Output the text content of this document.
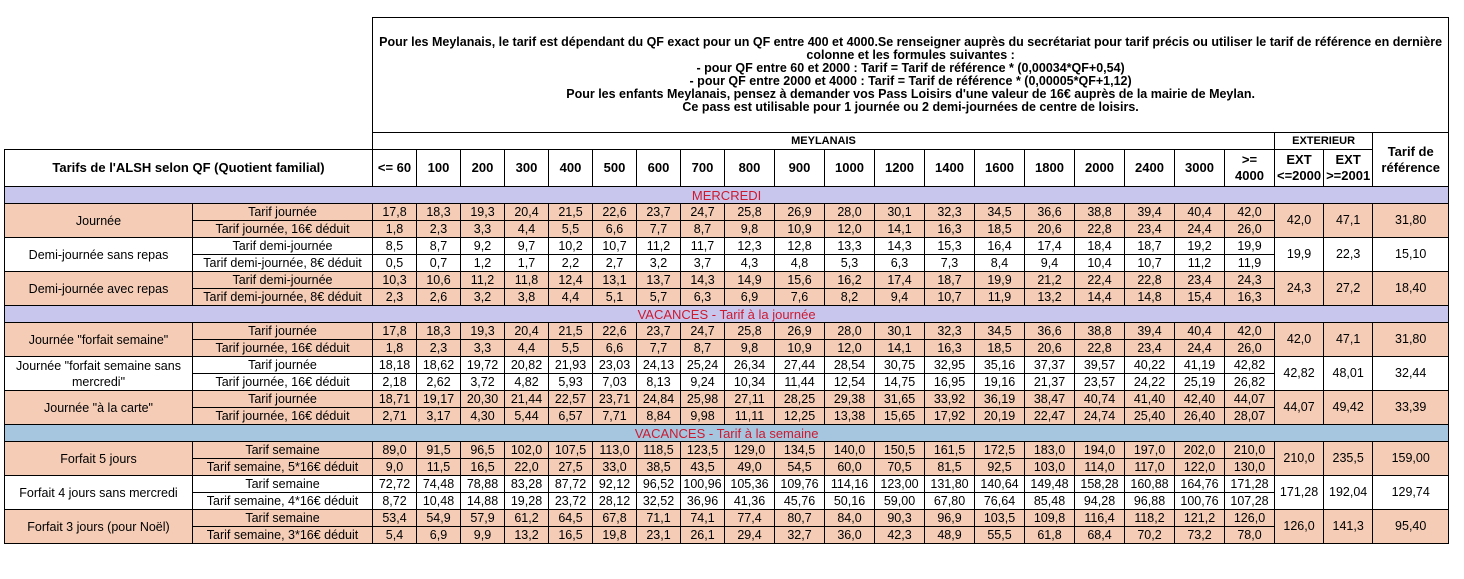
		Pour les Meylanais, le tarif est dépendant du QF exact pour un QF entre 400 et 4000.Se renseigner auprès du secrétariat pour tarif précis ou utiliser le tarif de référence en dernière colonne et les formules suivantes :
- pour QF entre 60 et 2000 : Tarif = Tarif de référence * (0,00034*QF+0,54)
- pour QF entre 2000 et 4000 : Tarif = Tarif de référence * (0,00005*QF+1,12)
Pour les enfants Meylanais, pensez à demander vos Pass Loisirs d'une valeur de 16€ auprès de la mairie de Meylan.
Ce pass est utilisable pour 1 journée ou 2 demi-journées de centre de loisirs.																					

		MEYLANAIS																			EXTERIEUR		Tarif de référence
Tarifs de l'ALSH selon QF (Quotient familial)		<= 60	100	200	300	400	500	600	700	800	900	1000	1200	1400	1600	1800	2000	2400	3000	>= 4000	EXT <=2000	EXT >=2001	
MERCREDI																							
Journée	Tarif journée	17,8	18,3	19,3	20,4	21,5	22,6	23,7	24,7	25,8	26,9	28,0	30,1	32,3	34,5	36,6	38,8	39,4	40,4	42,0	42,0	47,1	31,80
	Tarif journée, 16€ déduit	1,8	2,3	3,3	4,4	5,5	6,6	7,7	8,7	9,8	10,9	12,0	14,1	16,3	18,5	20,6	22,8	23,4	24,4	26,0			
Demi-journée sans repas	Tarif demi-journée	8,5	8,7	9,2	9,7	10,2	10,7	11,2	11,7	12,3	12,8	13,3	14,3	15,3	16,4	17,4	18,4	18,7	19,2	19,9	19,9	22,3	15,10
	Tarif demi-journée, 8€ déduit	0,5	0,7	1,2	1,7	2,2	2,7	3,2	3,7	4,3	4,8	5,3	6,3	7,3	8,4	9,4	10,4	10,7	11,2	11,9			
Demi-journée avec repas	Tarif demi-journée	10,3	10,6	11,2	11,8	12,4	13,1	13,7	14,3	14,9	15,6	16,2	17,4	18,7	19,9	21,2	22,4	22,8	23,4	24,3	24,3	27,2	18,40
	Tarif demi-journée, 8€ déduit	2,3	2,6	3,2	3,8	4,4	5,1	5,7	6,3	6,9	7,6	8,2	9,4	10,7	11,9	13,2	14,4	14,8	15,4	16,3			
VACANCES - Tarif à la journée																							
Journée "forfait semaine"	Tarif journée	17,8	18,3	19,3	20,4	21,5	22,6	23,7	24,7	25,8	26,9	28,0	30,1	32,3	34,5	36,6	38,8	39,4	40,4	42,0	42,0	47,1	31,80
	Tarif journée, 16€ déduit	1,8	2,3	3,3	4,4	5,5	6,6	7,7	8,7	9,8	10,9	12,0	14,1	16,3	18,5	20,6	22,8	23,4	24,4	26,0			
Journée "forfait semaine sans mercredi"	Tarif journée	18,18	18,62	19,72	20,82	21,93	23,03	24,13	25,24	26,34	27,44	28,54	30,75	32,95	35,16	37,37	39,57	40,22	41,19	42,82	42,82	48,01	32,44
	Tarif journée, 16€ déduit	2,18	2,62	3,72	4,82	5,93	7,03	8,13	9,24	10,34	11,44	12,54	14,75	16,95	19,16	21,37	23,57	24,22	25,19	26,82			
Journée "à la carte"	Tarif journée	18,71	19,17	20,30	21,44	22,57	23,71	24,84	25,98	27,11	28,25	29,38	31,65	33,92	36,19	38,47	40,74	41,40	42,40	44,07	44,07	49,42	33,39
	Tarif journée, 16€ déduit	2,71	3,17	4,30	5,44	6,57	7,71	8,84	9,98	11,11	12,25	13,38	15,65	17,92	20,19	22,47	24,74	25,40	26,40	28,07			
VACANCES - Tarif à la semaine																							
Forfait 5 jours	Tarif semaine	89,0	91,5	96,5	102,0	107,5	113,0	118,5	123,5	129,0	134,5	140,0	150,5	161,5	172,5	183,0	194,0	197,0	202,0	210,0	210,0	235,5	159,00
	Tarif semaine, 5*16€ déduit	9,0	11,5	16,5	22,0	27,5	33,0	38,5	43,5	49,0	54,5	60,0	70,5	81,5	92,5	103,0	114,0	117,0	122,0	130,0			
Forfait 4 jours sans mercredi	Tarif semaine	72,72	74,48	78,88	83,28	87,72	92,12	96,52	100,96	105,36	109,76	114,16	123,00	131,80	140,64	149,48	158,28	160,88	164,76	171,28	171,28	192,04	129,74
	Tarif semaine, 4*16€ déduit	8,72	10,48	14,88	19,28	23,72	28,12	32,52	36,96	41,36	45,76	50,16	59,00	67,80	76,64	85,48	94,28	96,88	100,76	107,28			
Forfait 3 jours (pour Noël)	Tarif semaine	53,4	54,9	57,9	61,2	64,5	67,8	71,1	74,1	77,4	80,7	84,0	90,3	96,9	103,5	109,8	116,4	118,2	121,2	126,0	126,0	141,3	95,40
	Tarif semaine, 3*16€ déduit	5,4	6,9	9,9	13,2	16,5	19,8	23,1	26,1	29,4	32,7	36,0	42,3	48,9	55,5	61,8	68,4	70,2	73,2	78,0			
